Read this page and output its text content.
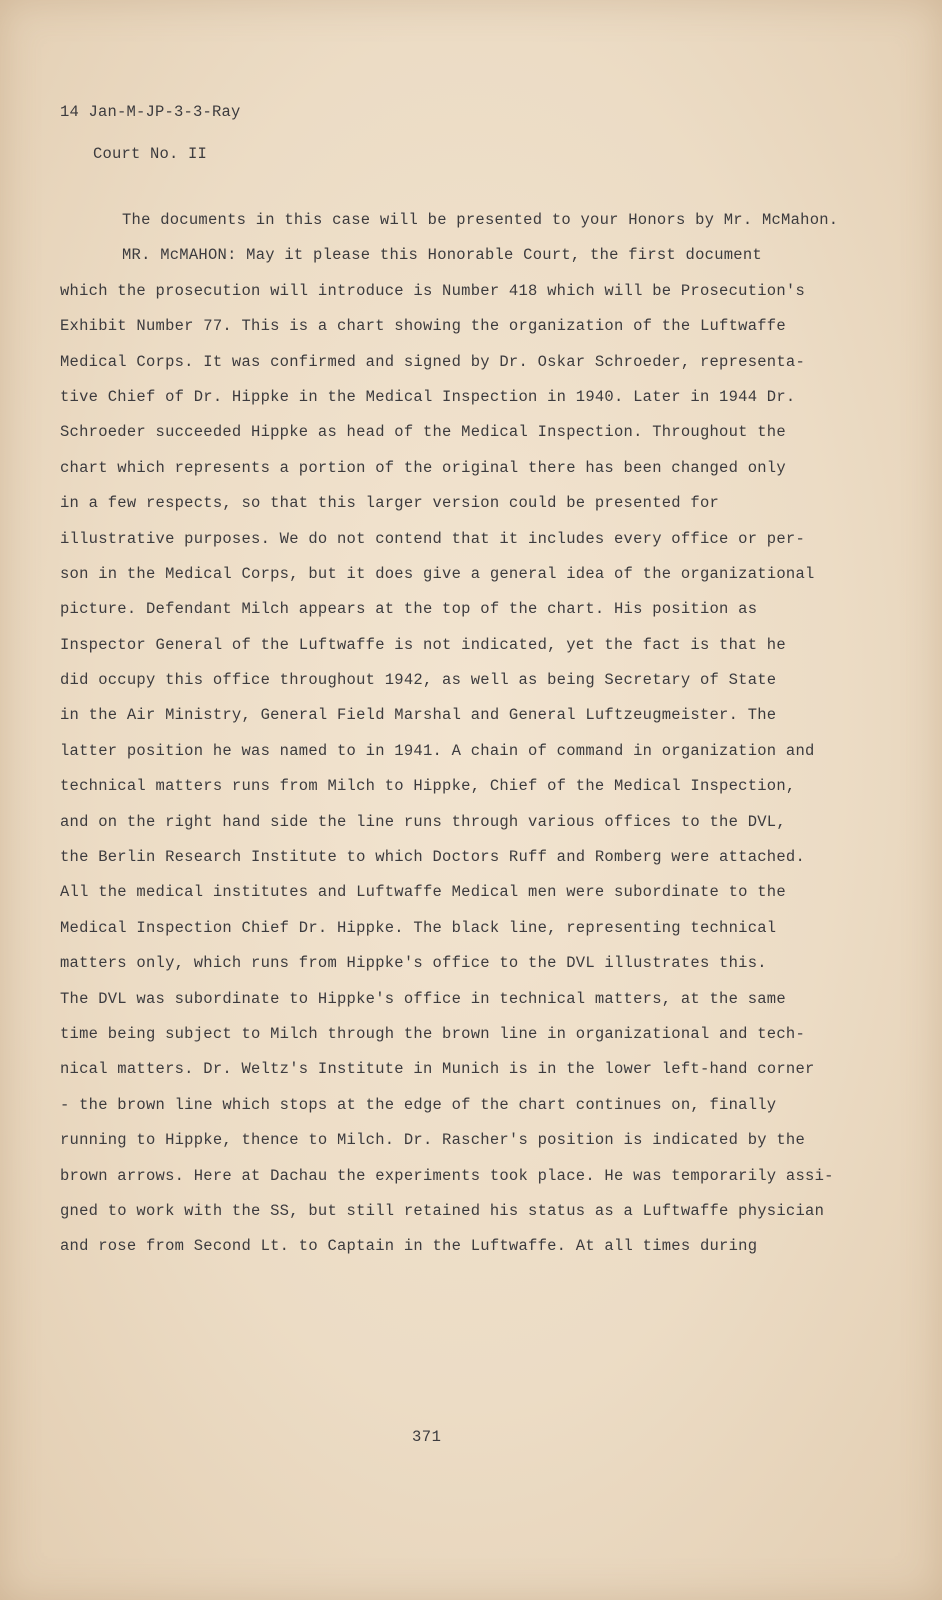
14 Jan-M-JP-3-3-Ray
Court No. II
The documents in this case will be presented to your Honors by Mr. McMahon.
MR. McMAHON: May it please this Honorable Court, the first document
which the prosecution will introduce is Number 418 which will be Prosecution's
Exhibit Number 77. This is a chart showing the organization of the Luftwaffe
Medical Corps. It was confirmed and signed by Dr. Oskar Schroeder, representa-
tive Chief of Dr. Hippke in the Medical Inspection in 1940. Later in 1944 Dr.
Schroeder succeeded Hippke as head of the Medical Inspection. Throughout the
chart which represents a portion of the original there has been changed only
in a few respects, so that this larger version could be presented for
illustrative purposes. We do not contend that it includes every office or per-
son in the Medical Corps, but it does give a general idea of the organizational
picture. Defendant Milch appears at the top of the chart. His position as
Inspector General of the Luftwaffe is not indicated, yet the fact is that he
did occupy this office throughout 1942, as well as being Secretary of State
in the Air Ministry, General Field Marshal and General Luftzeugmeister. The
latter position he was named to in 1941. A chain of command in organization and
technical matters runs from Milch to Hippke, Chief of the Medical Inspection,
and on the right hand side the line runs through various offices to the DVL,
the Berlin Research Institute to which Doctors Ruff and Romberg were attached.
All the medical institutes and Luftwaffe Medical men were subordinate to the
Medical Inspection Chief Dr. Hippke. The black line, representing technical
matters only, which runs from Hippke's office to the DVL illustrates this.
The DVL was subordinate to Hippke's office in technical matters, at the same
time being subject to Milch through the brown line in organizational and tech-
nical matters. Dr. Weltz's Institute in Munich is in the lower left-hand corner
- the brown line which stops at the edge of the chart continues on, finally
running to Hippke, thence to Milch. Dr. Rascher's position is indicated by the
brown arrows. Here at Dachau the experiments took place. He was temporarily assi-
gned to work with the SS, but still retained his status as a Luftwaffe physician
and rose from Second Lt. to Captain in the Luftwaffe. At all times during
371
